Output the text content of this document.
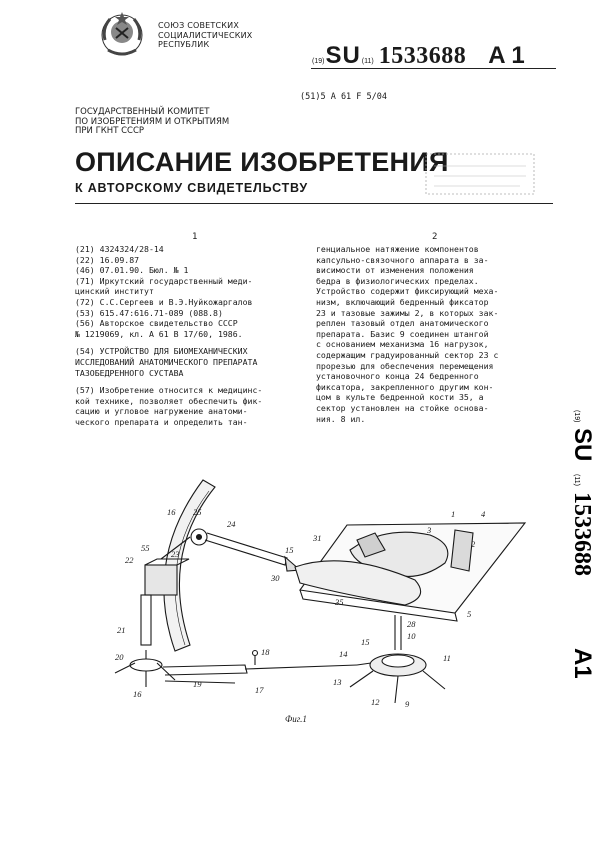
СОЮЗ СОВЕТСКИХ
СОЦИАЛИСТИЧЕСКИХ
РЕСПУБЛИК
(19) SU (11) 1533688 A 1
(51)5 A 61 F 5/04
ГОСУДАРСТВЕННЫЙ КОМИТЕТ
ПО ИЗОБРЕТЕНИЯМ И ОТКРЫТИЯМ
ПРИ ГКНТ СССР
ОПИСАНИЕ ИЗОБРЕТЕНИЯ
К АВТОРСКОМУ СВИДЕТЕЛЬСТВУ
1	2
(21) 4324324/28-14
(22) 16.09.87
(46) 07.01.90. Бюл. № 1
(71) Иркутский государственный меди-
цинский институт
(72) С.С.Сергеев и В.Э.Нуйкожаргалов
(53) 615.47:616.71-089 (088.8)
(56) Авторское свидетельство СССР
№ 1219069, кл. А 61 В 17/60, 1986.
(54) УСТРОЙСТВО ДЛЯ БИОМЕХАНИЧЕСКИХ
ИССЛЕДОВАНИЙ АНАТОМИЧЕСКОГО ПРЕПАРАТА
ТАЗОБЕДРЕННОГО СУСТАВА
(57) Изобретение относится к медицинс-
кой технике, позволяет обеспечить фик-
сацию и угловое нагружение анатоми-
ческого препарата и определить тан-
генциальное натяжение компонентов
капсульно-связочного аппарата в за-
висимости от изменения положения
бедра в физиологических пределах.
Устройство содержит фиксирующий меха-
низм, включающий бедренный фиксатор
23 и тазовые зажимы 2, в которых зак-
реплен тазовый отдел анатомического
препарата. Базис 9 соединен штангой
с основанием механизма 16 нагрузок,
содержащим градуированный сектор 23 с
прорезью для обеспечения перемещения
установочного конца 24 бедренного
фиксатора, закрепленного другим кон-
цом в культе бедренной кости 35, а
сектор установлен на стойке основа-
ния. 8 ил.	(19)
SU
(11)
1533688
A1
16 25
23
24
55
22
21
20
16
19
18
17
15
31
30
3
1	4
2
35
5
28
10
15
14
13
12
11
9
Фиг.1
